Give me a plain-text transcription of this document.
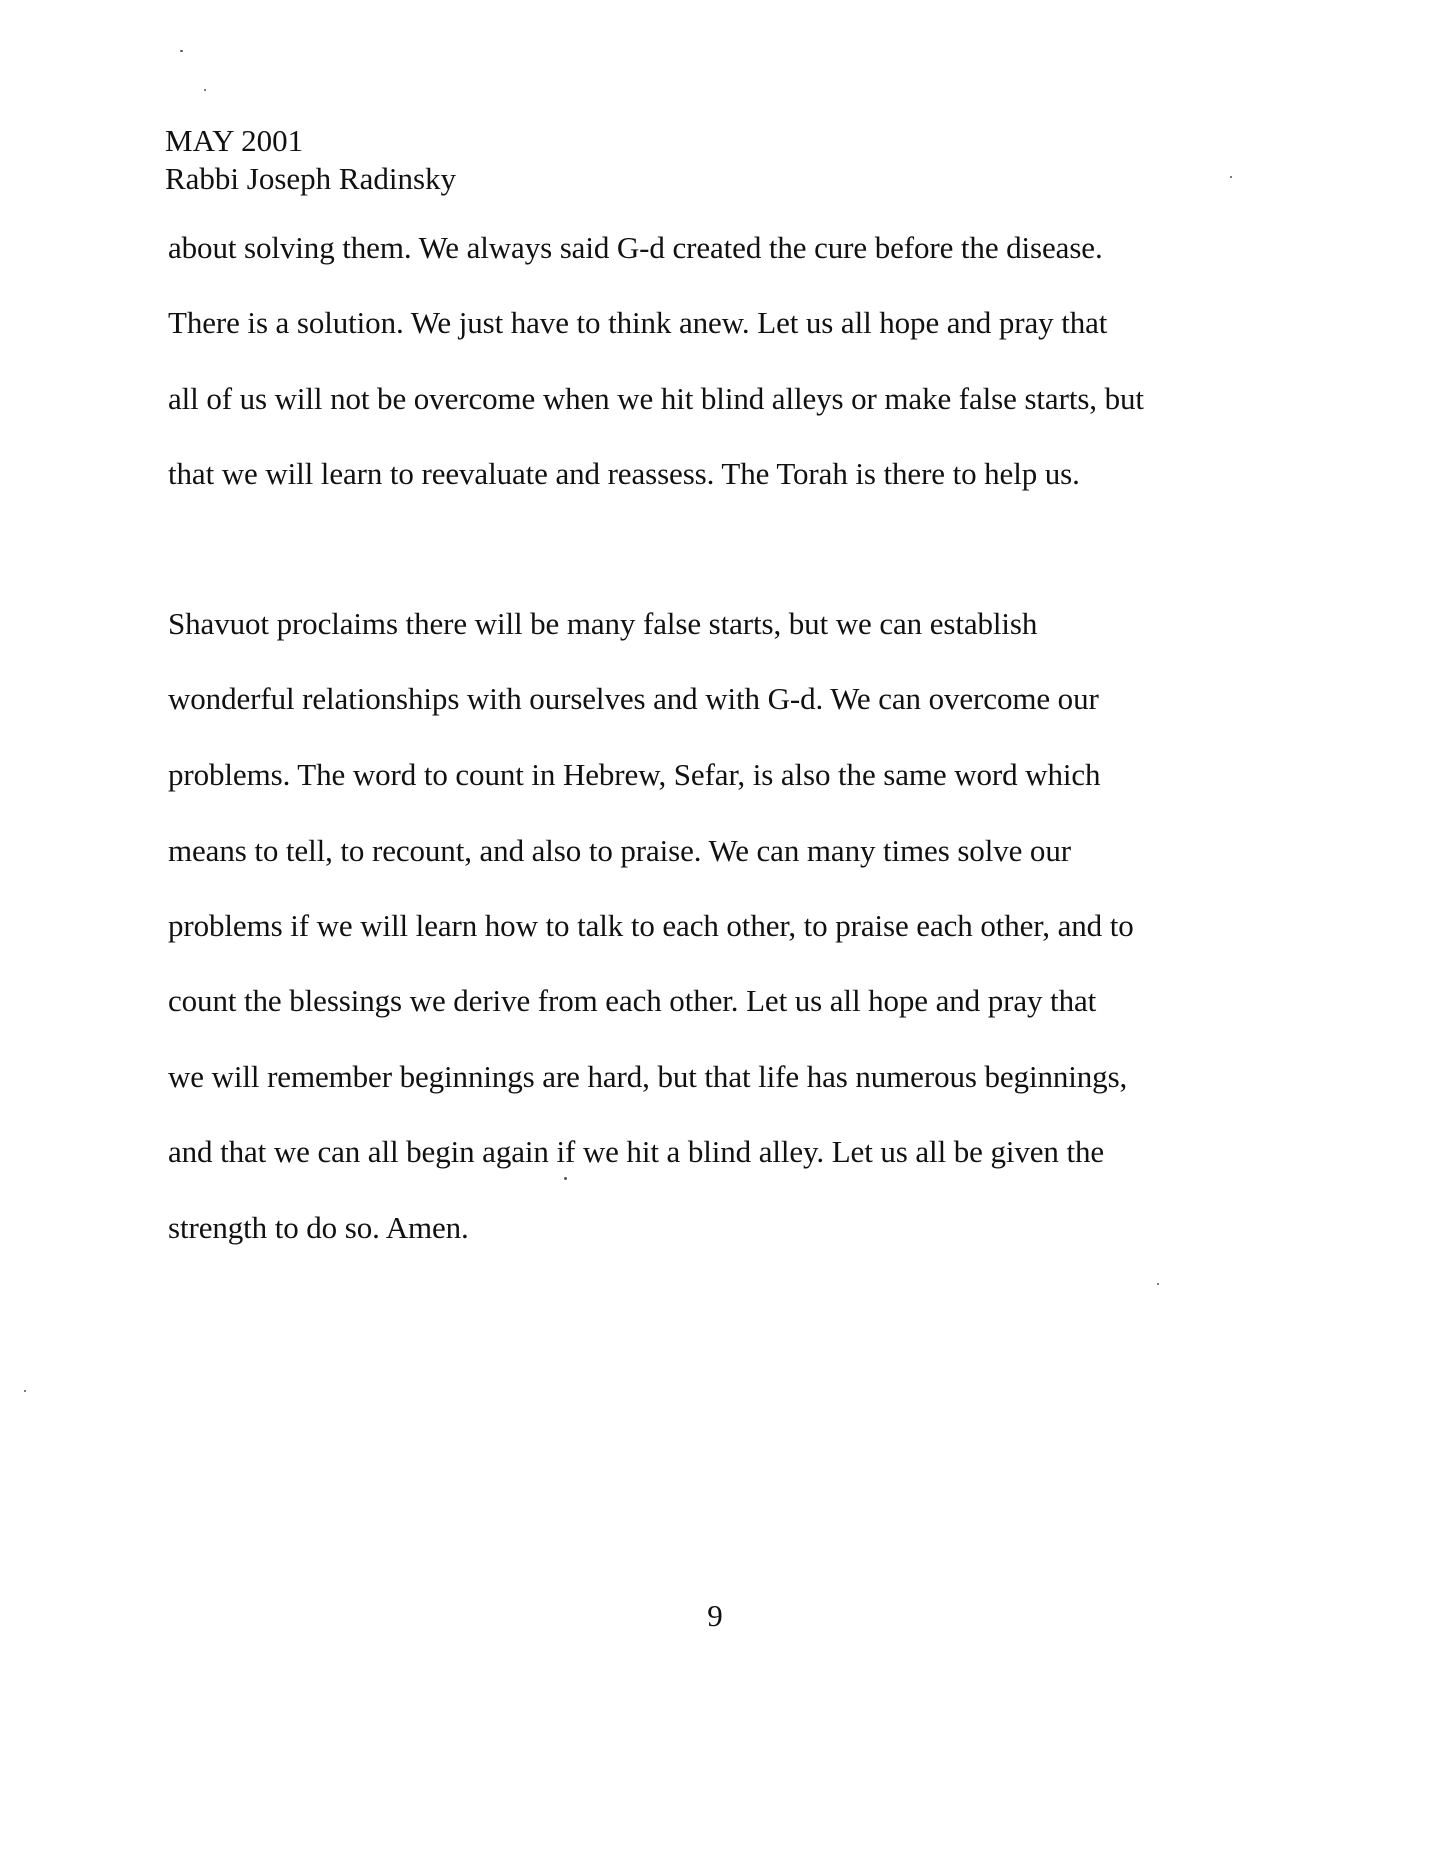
MAY 2001
Rabbi Joseph Radinsky
about solving them. We always said G-d created the cure before the disease.
There is a solution. We just have to think anew. Let us all hope and pray that
all of us will not be overcome when we hit blind alleys or make false starts, but
that we will learn to reevaluate and reassess. The Torah is there to help us.
Shavuot proclaims there will be many false starts, but we can establish
wonderful relationships with ourselves and with G-d. We can overcome our
problems. The word to count in Hebrew, Sefar, is also the same word which
means to tell, to recount, and also to praise. We can many times solve our
problems if we will learn how to talk to each other, to praise each other, and to
count the blessings we derive from each other. Let us all hope and pray that
we will remember beginnings are hard, but that life has numerous beginnings,
and that we can all begin again if we hit a blind alley. Let us all be given the
strength to do so. Amen.
9
